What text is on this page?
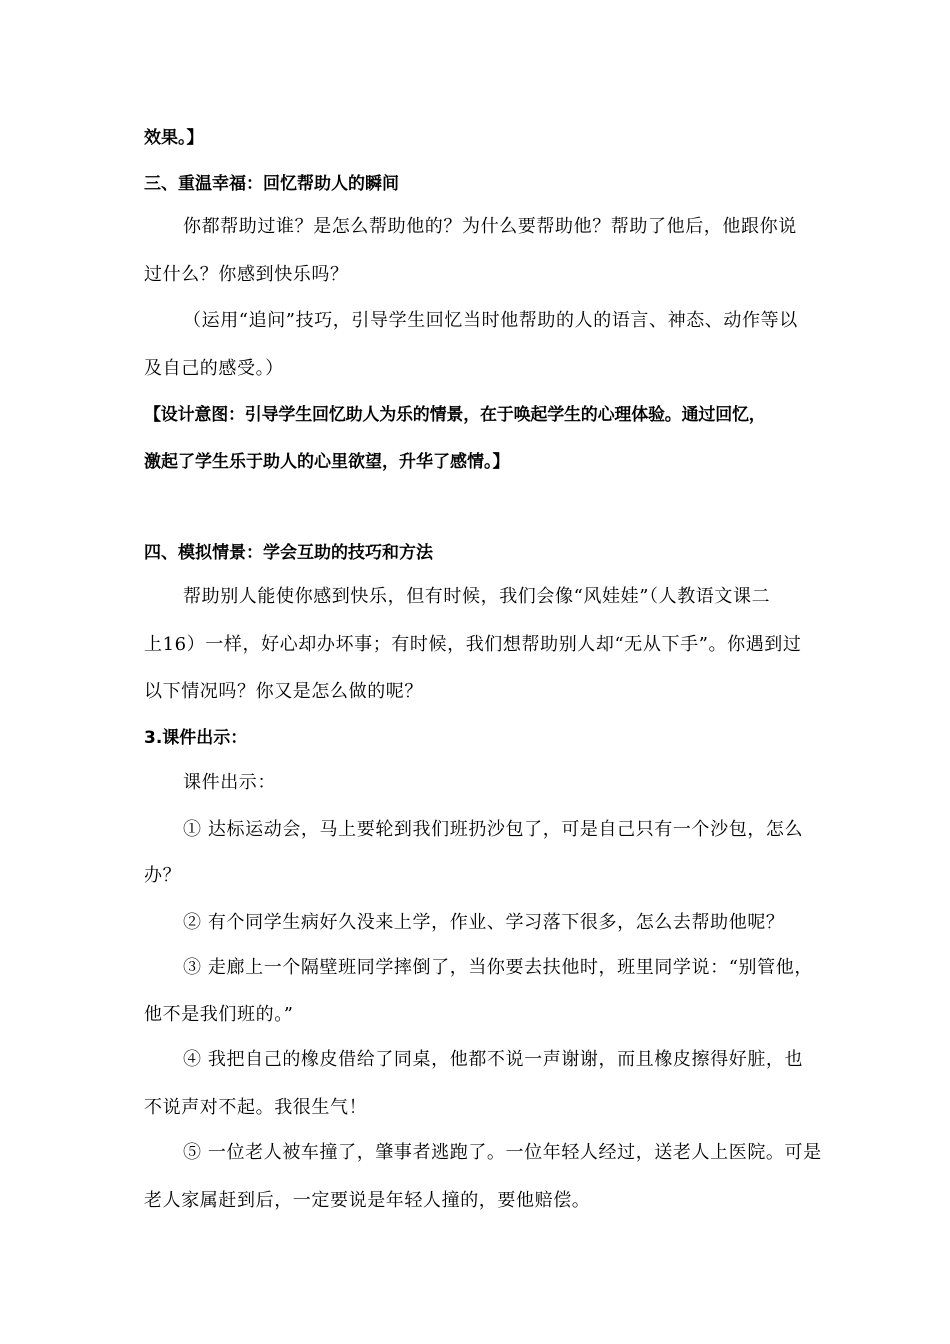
效果。】
三、重温幸福：回忆帮助人的瞬间
你都帮助过谁？是怎么帮助他的？为什么要帮助他？帮助了他后，他跟你说
过什么？你感到快乐吗？
（运用“追问”技巧，引导学生回忆当时他帮助的人的语言、神态、动作等以
及自己的感受。）
【设计意图：引导学生回忆助人为乐的情景，在于唤起学生的心理体验。通过回忆，
激起了学生乐于助人的心里欲望，升华了感情。】
四、模拟情景：学会互助的技巧和方法
帮助别人能使你感到快乐，但有时候，我们会像“风娃娃”（人教语文课二
上16）一样，好心却办坏事；有时候，我们想帮助别人却“无从下手”。你遇到过
以下情况吗？你又是怎么做的呢？
3.课件出示：
课件出示：
① 达标运动会，马上要轮到我们班扔沙包了，可是自己只有一个沙包，怎么
办？
② 有个同学生病好久没来上学，作业、学习落下很多，怎么去帮助他呢？
③ 走廊上一个隔壁班同学摔倒了，当你要去扶他时，班里同学说：“别管他，
他不是我们班的。”
④ 我把自己的橡皮借给了同桌，他都不说一声谢谢，而且橡皮擦得好脏，也
不说声对不起。我很生气！
⑤ 一位老人被车撞了，肇事者逃跑了。一位年轻人经过，送老人上医院。可是
老人家属赶到后，一定要说是年轻人撞的，要他赔偿。
